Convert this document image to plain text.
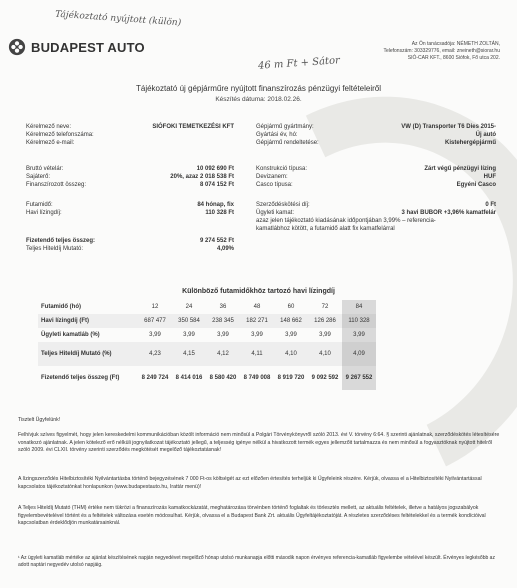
Tájékoztató nyújtott (külön)
46 m Ft + Sátor
BUDAPEST AUTO	Az Ön tanácsadója: NÉMETH ZOLTÁN,
Telefonszám: 303329776, email: zneineth@siorar.hu
SIÓ-CAR KFT., 8600 Siófok, Fő utca 202.
Tájékoztató új gépjárműre nyújtott finanszírozás pénzügyi feltételeiről
Készítés dátuma: 2018.02.26.
Kérelmező neve:	SIÓFOKI TEMETKEZÉSI KFT
Kérelmező telefonszáma:
Kérelmező e-mail:
Gépjármű gyártmány:	VW (D) Transporter T6 Dies 2015-
Gyártási év, hó:	Új autó
Gépjármű rendeltetése:	Kistehergépjármű
Bruttó vételár:	10 092 690 Ft
Sajáterő:	20%, azaz 2 018 538 Ft
Finanszírozott összeg:	8 074 152 Ft
Futamidő:	84 hónap, fix
Havi lízingdíj:	110 328 Ft
Fizetendő teljes összeg:	9 274 552 Ft
Teljes Hiteldíj Mutató:	4,09%
Konstrukció típusa:	Zárt végű pénzügyi lízing
Devizanem:	HUF
Casco típusa:	Egyéni Casco
Szerződéskötési díj:	0 Ft
Ügyleti kamat:	3 havi BUBOR +3,96% kamatfelár
azaz jelen tájékoztató kiadásának időpontjában 3,99% – referencia-
kamatlábhoz kötött, a futamidő alatt fix kamatfelárral
Különböző futamidőkhöz tartozó havi lízingdíj
Futamidő (hó)		12	24	36	48	60	72	84
Havi lízingdíj (Ft)		687 477	350 584	238 345	182 271	148 662	126 286	110 328
Ügyleti kamatláb (%)		3,99	3,99	3,99	3,99	3,99	3,99	3,99
Teljes Hiteldíj Mutató (%)		4,23	4,15	4,12	4,11	4,10	4,10	4,09
Fizetendő teljes összeg (Ft)		8 249 724	8 414 016	8 580 420	8 749 008	8 919 720	9 092 592	9 267 552
Tisztelt Ügyfelünk!
Felhívjuk szíves figyelmét, hogy jelen kereskedelmi kommunikációban közölt információ nem minősül a Polgári Törvénykönyvről szóló 2013. évi V. törvény 6:64. § szerinti ajánlatnak, szerződéskötés létesítésére vonatkozó ajánlatnak. A jelen kötelező erő nélküli jognyilatkozat tájékoztató jellegű, a teljesség igénye nélkül a hivatkozott termék egyes jellemzőit tartalmazza és nem minősül a fogyasztóknak nyújtott hitelről szóló 2009. évi CLXII. törvény szerinti szerződés megkötését megelőző tájékoztatásnak!
A lízingszerződés Hitelbiztosítéki Nyilvántartásba történő bejegyzésének 7 000 Ft-os költségét az ezt előzően értesítés terheljük ki Ügyfeleink részére. Kérjük, olvassa el a Hitelbiztosítéki Nyilvántartással kapcsolatos tájékoztatónkat honlapunkon (www.budapestauto.hu, Irattár menü)!
A Teljes Hiteldíj Mutató (THM) értéke nem tükrözi a finanszírozás kamatkockázatát, meghatározása törvénben történő foglaltak és törlesztés mellett, az aktuális feltételek, illetve a hatályos jogszabályok figyelembevételével történt és a feltételek változása esetén módosulhat. Kérjük, olvassa el a Budapest Bank Zrt. aktuális Ügyfeltájékoztatóját. A részletes szerződéses feltételekkel és a termék kondícióival kapcsolatban érdeklődjön munkatársainknál.
¹ Az ügyleti kamatláb mértéke az ajánlat készítésének napján negyedévet megelőző hónap utolsó munkanapja előtti második napon érvényes referencia-kamatláb figyelembe vételével készült. Érvényes legkésőbb az adott naptári negyedév utolsó napjáig.
